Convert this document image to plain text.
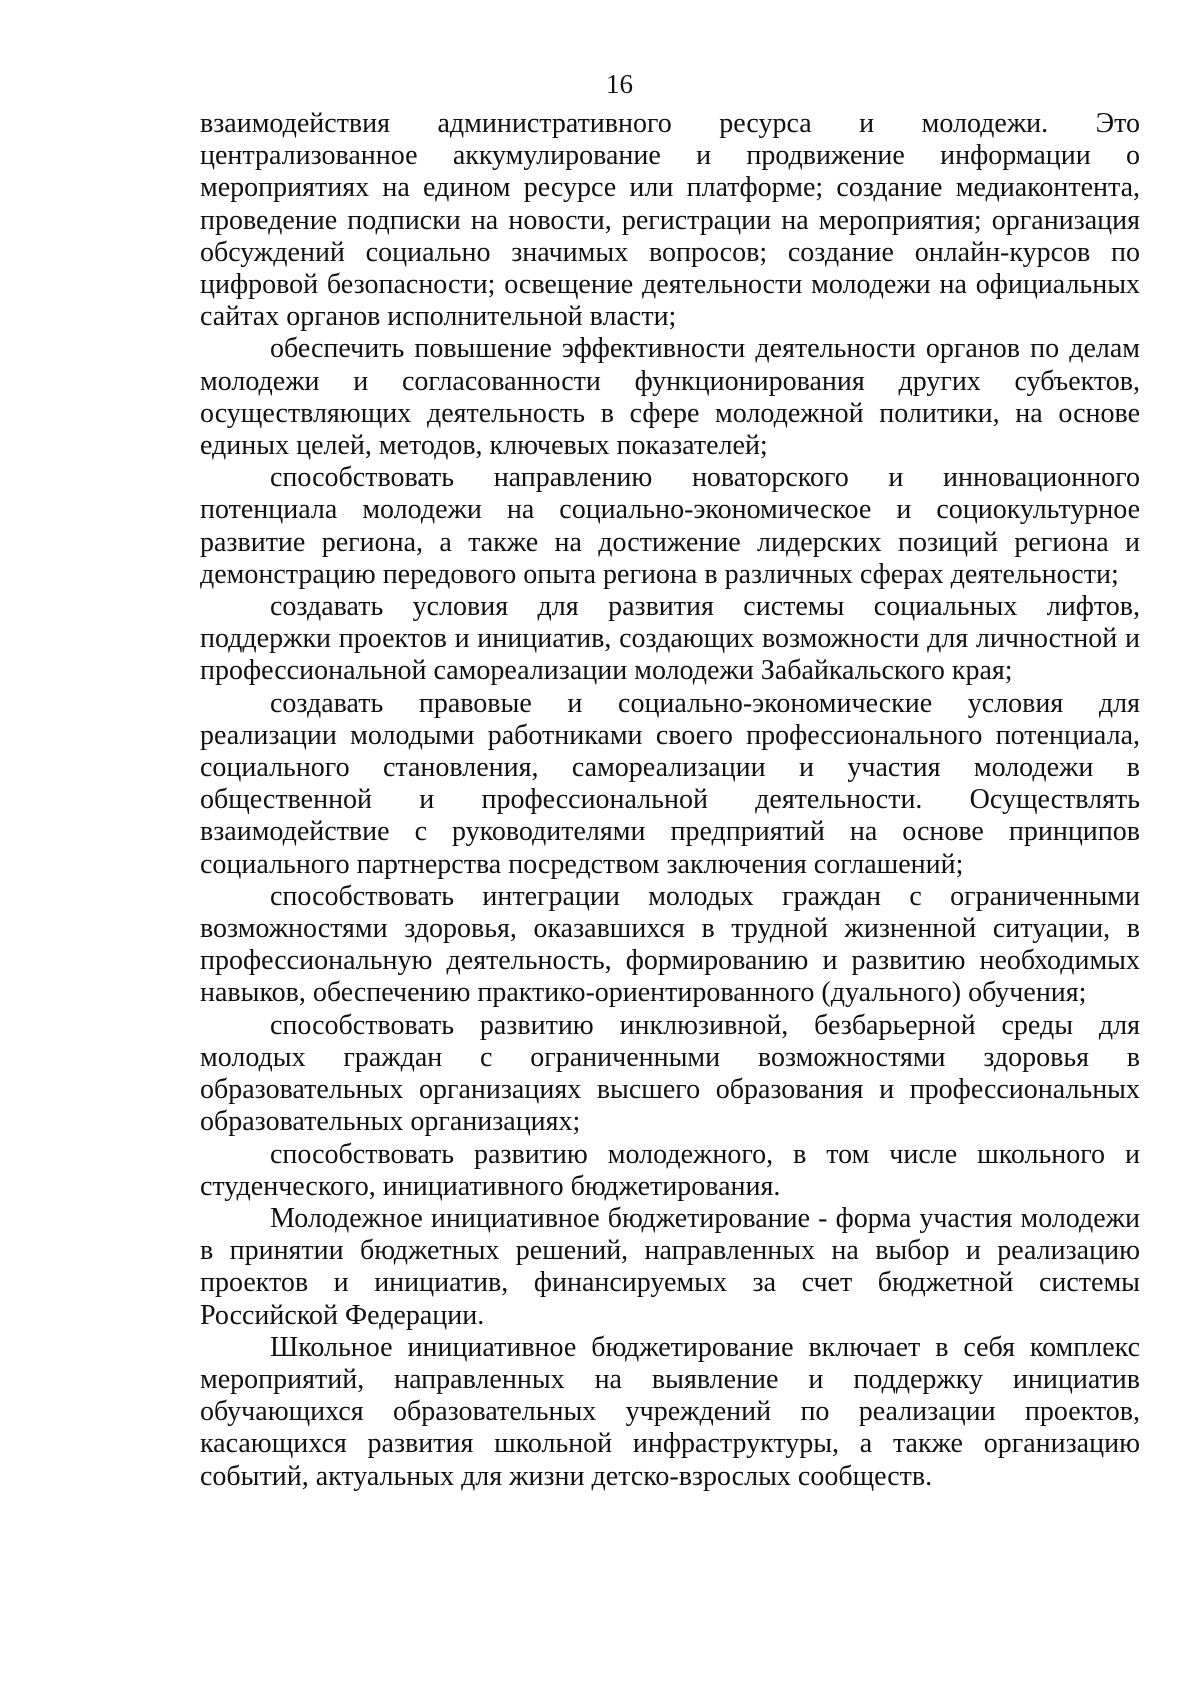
16

взаимодействия административного ресурса и молодежи. Это централизованное аккумулирование и продвижение информации о мероприятиях на едином ресурсе или платформе; создание медиаконтента, проведение подписки на новости, регистрации на мероприятия; организация обсуждений социально значимых вопросов; создание онлайн-курсов по цифровой безопасности; освещение деятельности молодежи на официальных сайтах органов исполнительной власти;

обеспечить повышение эффективности деятельности органов по делам молодежи и согласованности функционирования других субъектов, осуществляющих деятельность в сфере молодежной политики, на основе единых целей, методов, ключевых показателей;

способствовать направлению новаторского и инновационного потенциала молодежи на социально-экономическое и социокультурное развитие региона, а также на достижение лидерских позиций региона и демонстрацию передового опыта региона в различных сферах деятельности;

создавать условия для развития системы социальных лифтов, поддержки проектов и инициатив, создающих возможности для личностной и профессиональной самореализации молодежи Забайкальского края;

создавать правовые и социально-экономические условия для реализации молодыми работниками своего профессионального потенциала, социального становления, самореализации и участия молодежи в общественной и профессиональной деятельности. Осуществлять взаимодействие с руководителями предприятий на основе принципов социального партнерства посредством заключения соглашений;

способствовать интеграции молодых граждан с ограниченными возможностями здоровья, оказавшихся в трудной жизненной ситуации, в профессиональную деятельность, формированию и развитию необходимых навыков, обеспечению практико-ориентированного (дуального) обучения;

способствовать развитию инклюзивной, безбарьерной среды для молодых граждан с ограниченными возможностями здоровья в образовательных организациях высшего образования и профессиональных образовательных организациях;

способствовать развитию молодежного, в том числе школьного и студенческого, инициативного бюджетирования.

Молодежное инициативное бюджетирование - форма участия молодежи в принятии бюджетных решений, направленных на выбор и реализацию проектов и инициатив, финансируемых за счет бюджетной системы Российской Федерации.

Школьное инициативное бюджетирование включает в себя комплекс мероприятий, направленных на выявление и поддержку инициатив обучающихся образовательных учреждений по реализации проектов, касающихся развития школьной инфраструктуры, а также организацию событий, актуальных для жизни детско-взрослых сообществ.
